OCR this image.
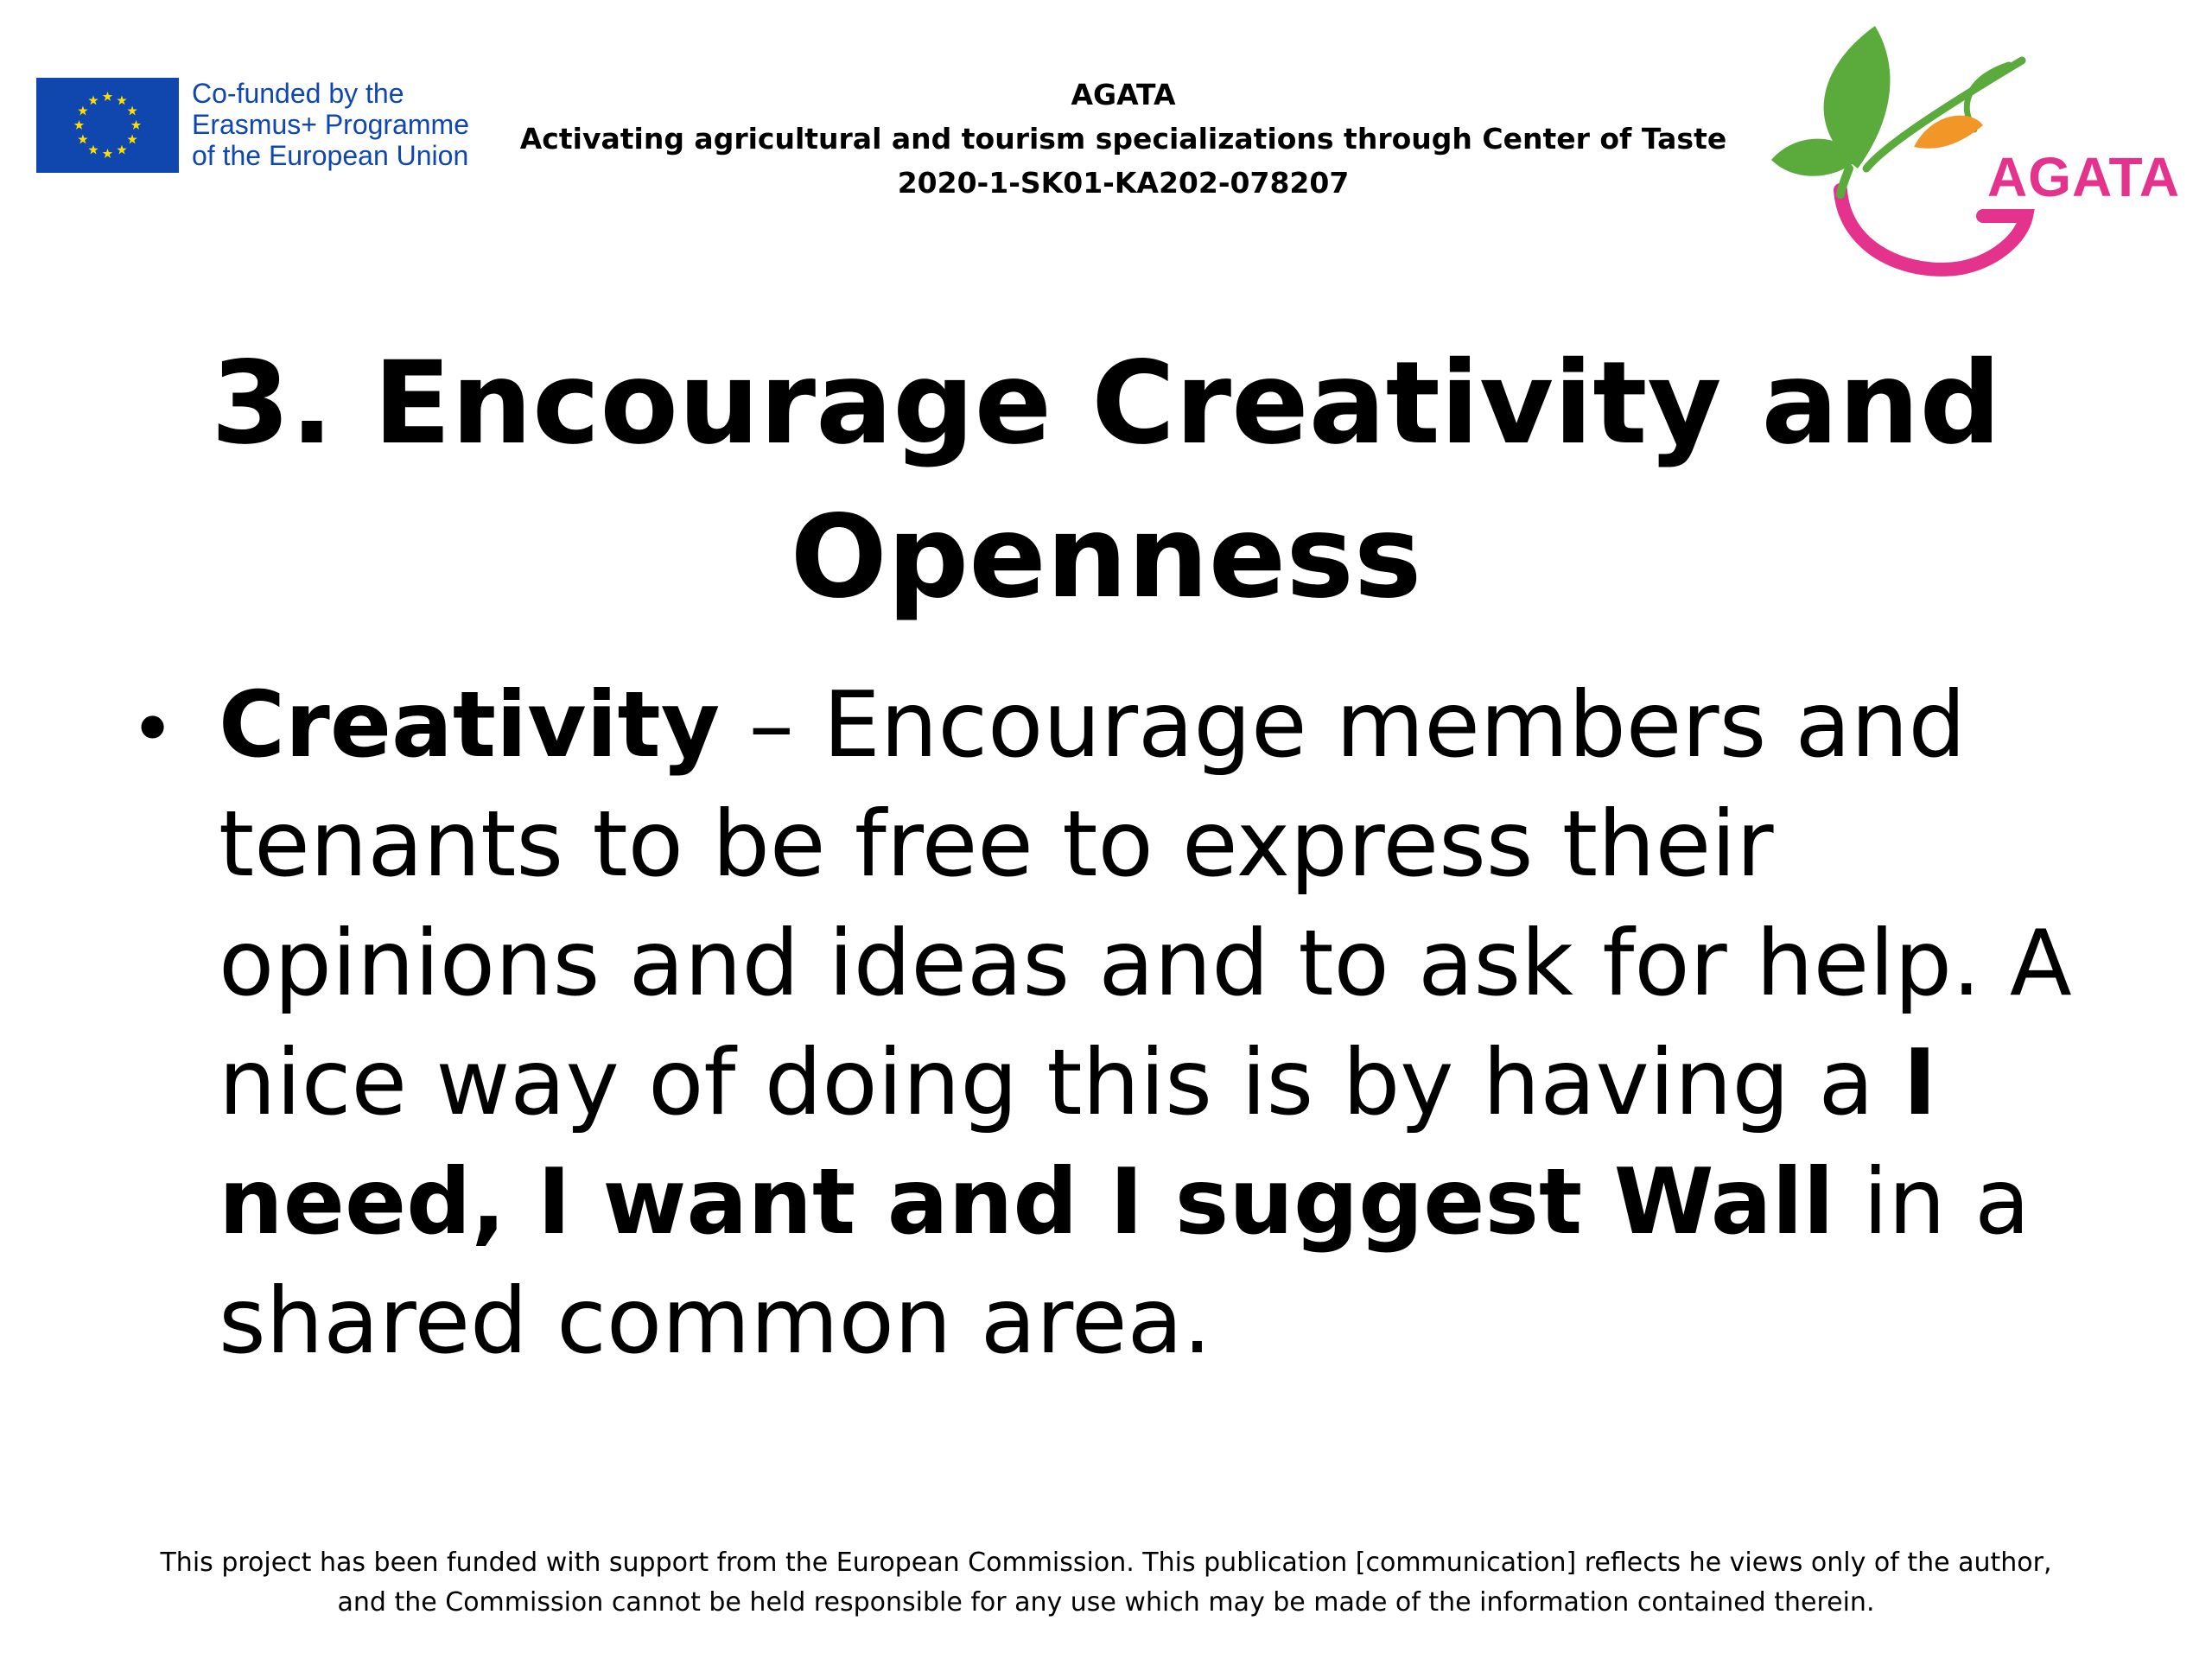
Co-funded by the
Erasmus+ Programme
of the European Union
AGATA
Activating agricultural and tourism specializations through Center of Taste
2020-1-SK01-KA202-078207	AGATA
3. Encourage Creativity and
Openness
• Creativity – Encourage members and
tenants to be free to express their
opinions and ideas and to ask for help. A
nice way of doing this is by having a I
need, I want and I suggest Wall in a
shared common area.
This project has been funded with support from the European Commission. This publication [communication] reflects he views only of the author,
and the Commission cannot be held responsible for any use which may be made of the information contained therein.
